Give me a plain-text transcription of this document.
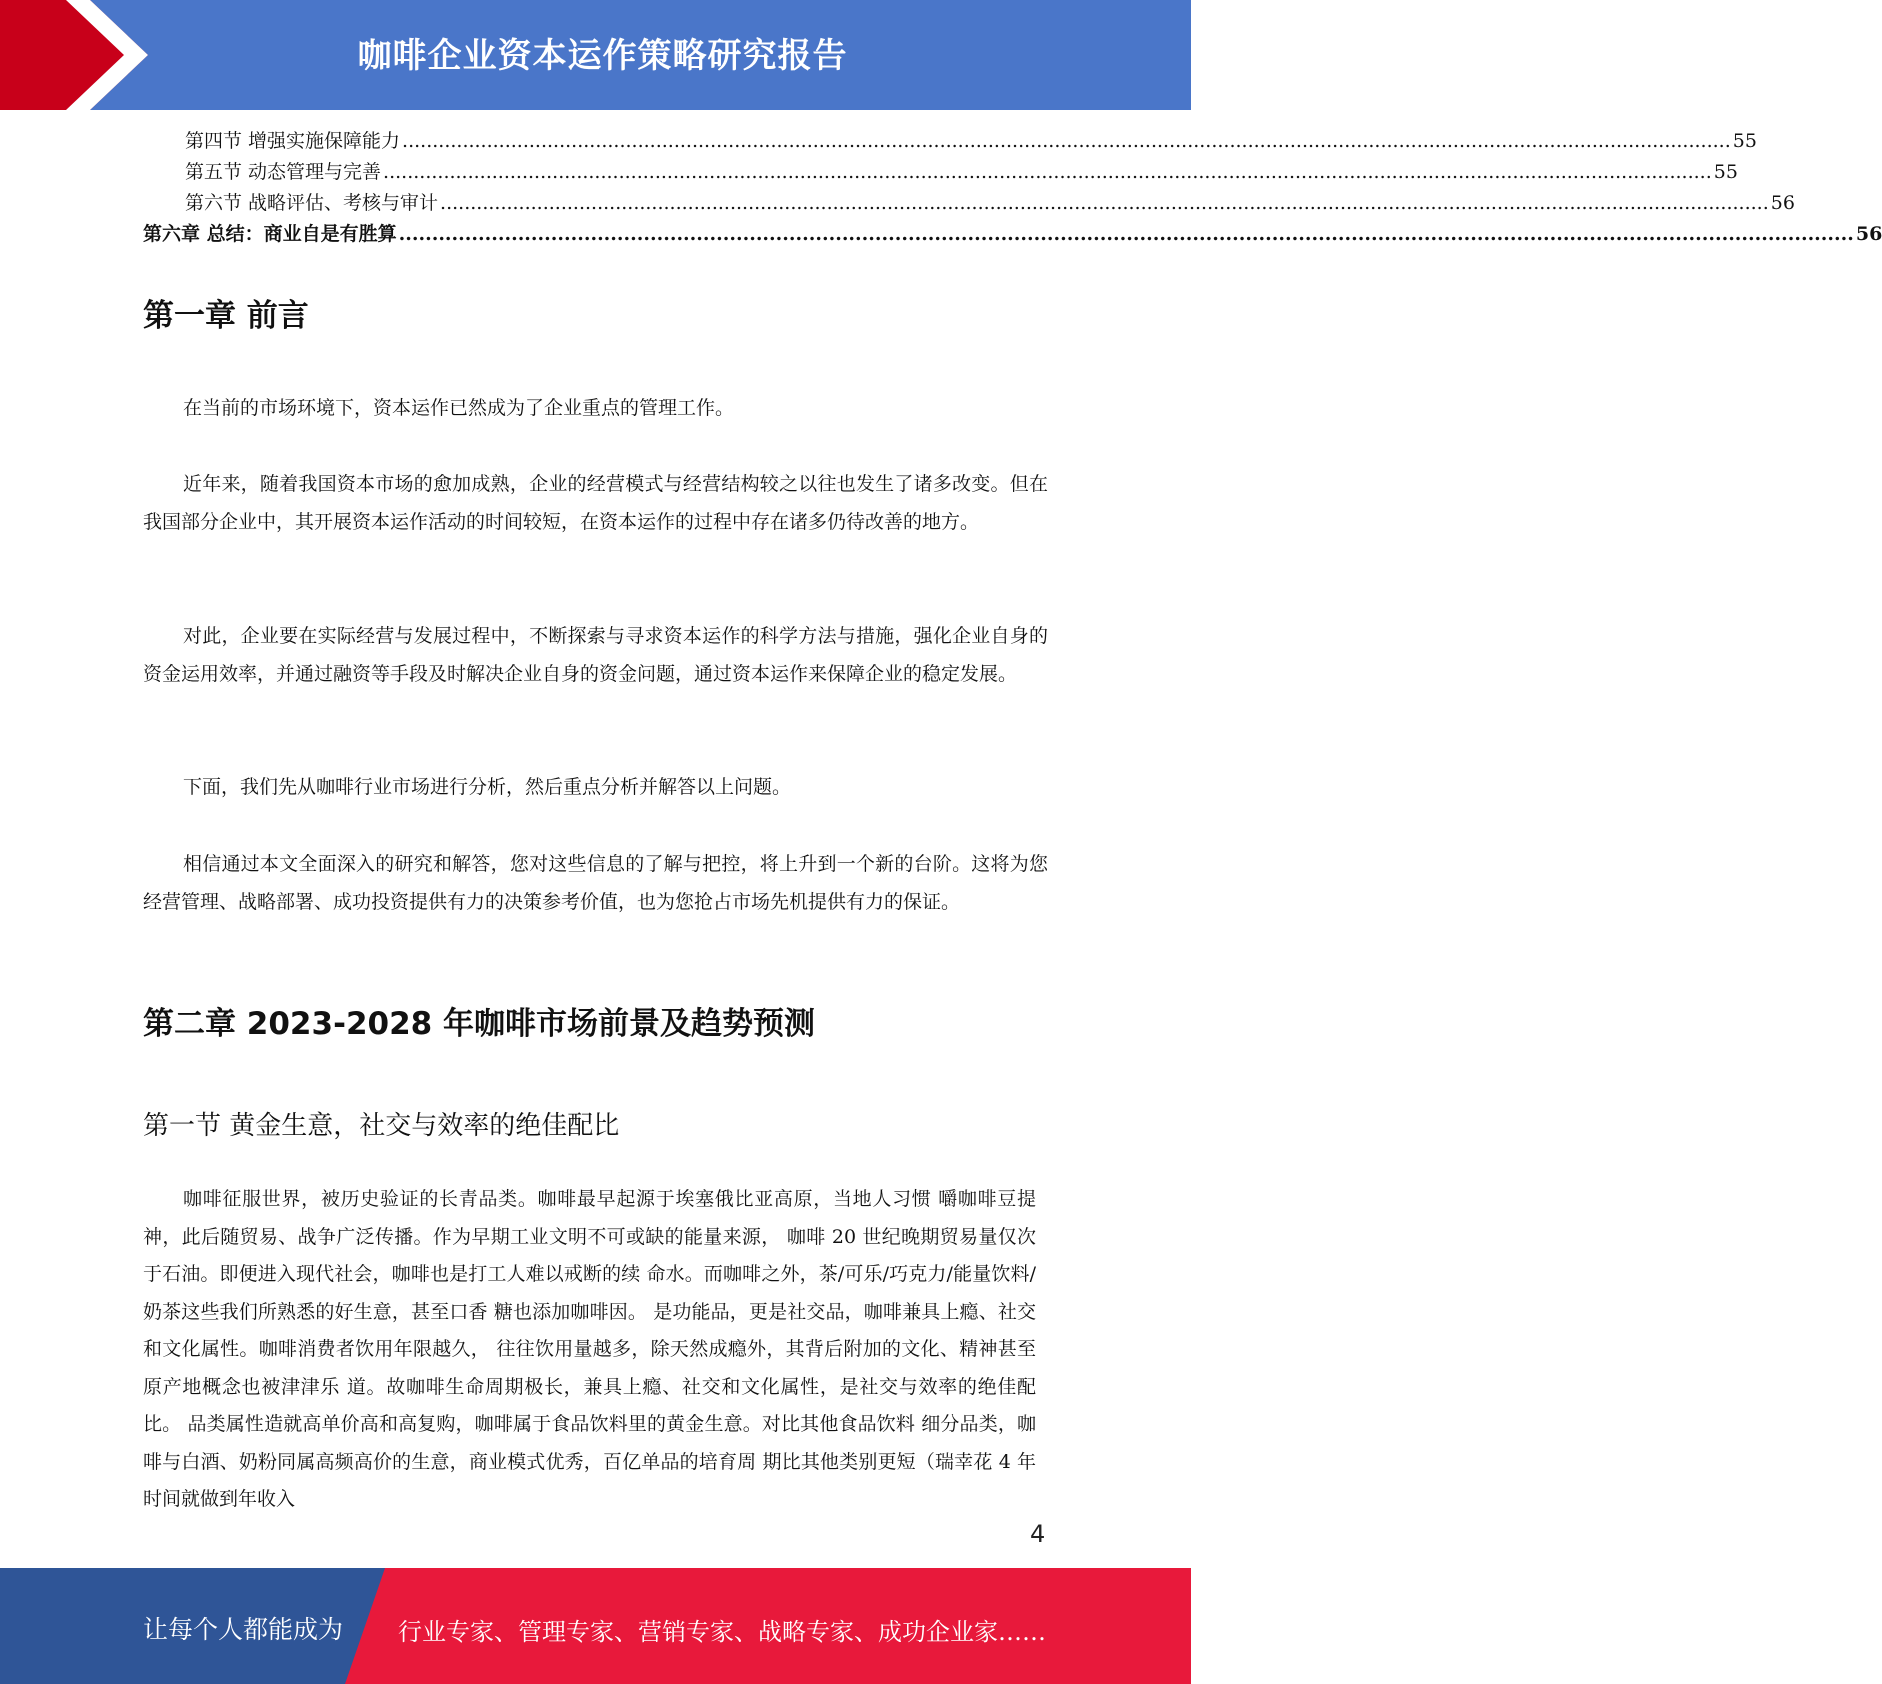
咖啡企业资本运作策略研究报告
第四节 增强实施保障能力 ............................................................................................................................................................................................................................ 55
第五节 动态管理与完善 ............................................................................................................................................................................................................................ 55
第六节 战略评估、考核与审计 ............................................................................................................................................................................................................................ 56
第六章 总结：商业自是有胜算 ............................................................................................................................................................................................................................ 56
第一章 前言

在当前的市场环境下，资本运作已然成为了企业重点的管理工作。

近年来，随着我国资本市场的愈加成熟，企业的经营模式与经营结构较之以往也发生了诸多改变。但在我国部分企业中，其开展资本运作活动的时间较短，在资本运作的过程中存在诸多仍待改善的地方。

对此，企业要在实际经营与发展过程中，不断探索与寻求资本运作的科学方法与措施，强化企业自身的资金运用效率，并通过融资等手段及时解决企业自身的资金问题，通过资本运作来保障企业的稳定发展。

下面，我们先从咖啡行业市场进行分析，然后重点分析并解答以上问题。

相信通过本文全面深入的研究和解答，您对这些信息的了解与把控，将上升到一个新的台阶。这将为您经营管理、战略部署、成功投资提供有力的决策参考价值，也为您抢占市场先机提供有力的保证。

第二章 2023-2028 年咖啡市场前景及趋势预测
第一节 黄金生意，社交与效率的绝佳配比

咖啡征服世界，被历史验证的长青品类。咖啡最早起源于埃塞俄比亚高原，当地人习惯 嚼咖啡豆提神，此后随贸易、战争广泛传播。作为早期工业文明不可或缺的能量来源， 咖啡 20 世纪晚期贸易量仅次于石油。即便进入现代社会，咖啡也是打工人难以戒断的续 命水。而咖啡之外，茶/可乐/巧克力/能量饮料/奶茶这些我们所熟悉的好生意，甚至口香 糖也添加咖啡因。 是功能品，更是社交品，咖啡兼具上瘾、社交和文化属性。咖啡消费者饮用年限越久， 往往饮用量越多，除天然成瘾外，其背后附加的文化、精神甚至原产地概念也被津津乐 道。故咖啡生命周期极长，兼具上瘾、社交和文化属性，是社交与效率的绝佳配比。 品类属性造就高单价高和高复购，咖啡属于食品饮料里的黄金生意。对比其他食品饮料 细分品类，咖啡与白酒、奶粉同属高频高价的生意，商业模式优秀，百亿单品的培育周 期比其他类别更短（瑞幸花 4 年时间就做到年收入

4
让每个人都能成为 行业专家、管理专家、营销专家、战略专家、成功企业家……
